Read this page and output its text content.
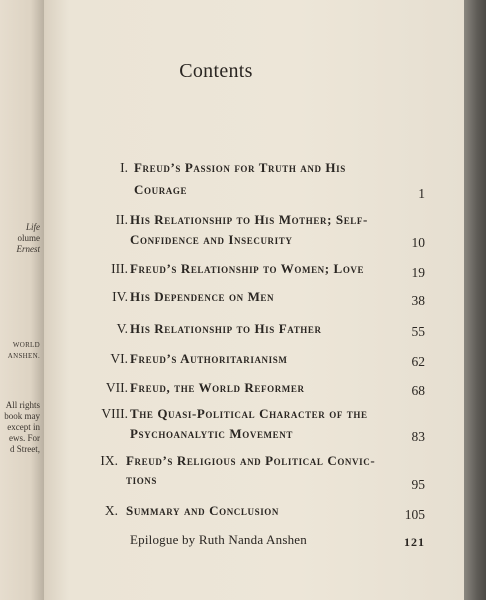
Life
olume
Ernest
WORLD
ANSHEN.
All rights
book may
except in
ews. For
d Street,
Contents
I. Freud’s Passion for Truth and His
Courage	1
II. His Relationship to His Mother; Self-
Confidence and Insecurity	10
III. Freud’s Relationship to Women; Love	19
IV. His Dependence on Men	38
V. His Relationship to His Father	55
VI. Freud’s Authoritarianism	62
VII. Freud, the World Reformer	68
VIII. The Quasi-Political Character of the
Psychoanalytic Movement	83
IX. Freud’s Religious and Political Convic-
tions	95
X. Summary and Conclusion	105
Epilogue by Ruth Nanda Anshen	121
